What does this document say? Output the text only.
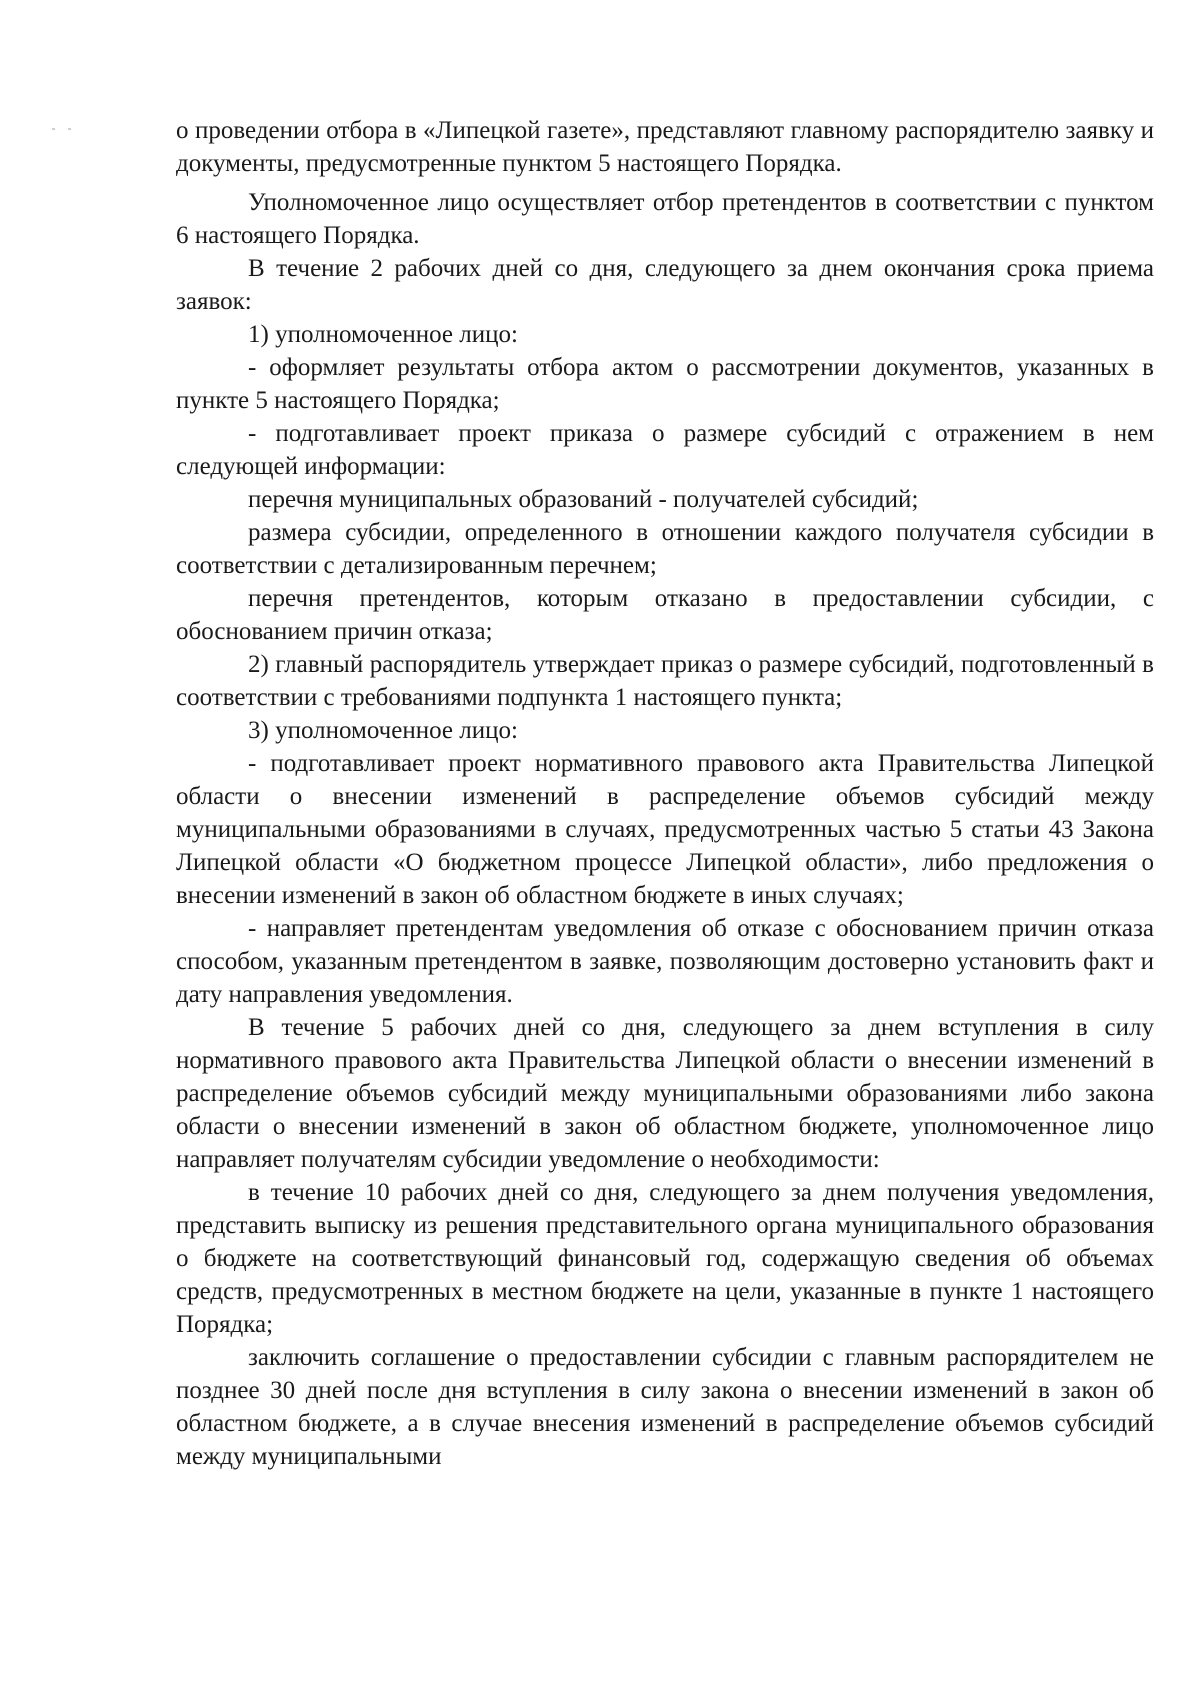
о проведении отбора в «Липецкой газете», представляют главному распорядителю заявку и документы, предусмотренные пунктом 5 настоящего Порядка.

Уполномоченное лицо осуществляет отбор претендентов в соответствии с пунктом 6 настоящего Порядка.

В течение 2 рабочих дней со дня, следующего за днем окончания срока приема заявок:

1) уполномоченное лицо:

- оформляет результаты отбора актом о рассмотрении документов, указанных в пункте 5 настоящего Порядка;

- подготавливает проект приказа о размере субсидий с отражением в нем следующей информации:

перечня муниципальных образований - получателей субсидий;

размера субсидии, определенного в отношении каждого получателя субсидии в соответствии с детализированным перечнем;

перечня претендентов, которым отказано в предоставлении субсидии, с обоснованием причин отказа;

2) главный распорядитель утверждает приказ о размере субсидий, подготовленный в соответствии с требованиями подпункта 1 настоящего пункта;

3) уполномоченное лицо:

- подготавливает проект нормативного правового акта Правительства Липецкой области о внесении изменений в распределение объемов субсидий между муниципальными образованиями в случаях, предусмотренных частью 5 статьи 43 Закона Липецкой области «О бюджетном процессе Липецкой области», либо предложения о внесении изменений в закон об областном бюджете в иных случаях;

- направляет претендентам уведомления об отказе с обоснованием причин отказа способом, указанным претендентом в заявке, позволяющим достоверно установить факт и дату направления уведомления.

В течение 5 рабочих дней со дня, следующего за днем вступления в силу нормативного правового акта Правительства Липецкой области о внесении изменений в распределение объемов субсидий между муниципальными образованиями либо закона области о внесении изменений в закон об областном бюджете, уполномоченное лицо направляет получателям субсидии уведомление о необходимости:

в течение 10 рабочих дней со дня, следующего за днем получения уведомления, представить выписку из решения представительного органа муниципального образования о бюджете на соответствующий финансовый год, содержащую сведения об объемах средств, предусмотренных в местном бюджете на цели, указанные в пункте 1 настоящего Порядка;

заключить соглашение о предоставлении субсидии с главным распорядителем не позднее 30 дней после дня вступления в силу закона о внесении изменений в закон об областном бюджете, а в случае внесения изменений в распределение объемов субсидий между муниципальными
